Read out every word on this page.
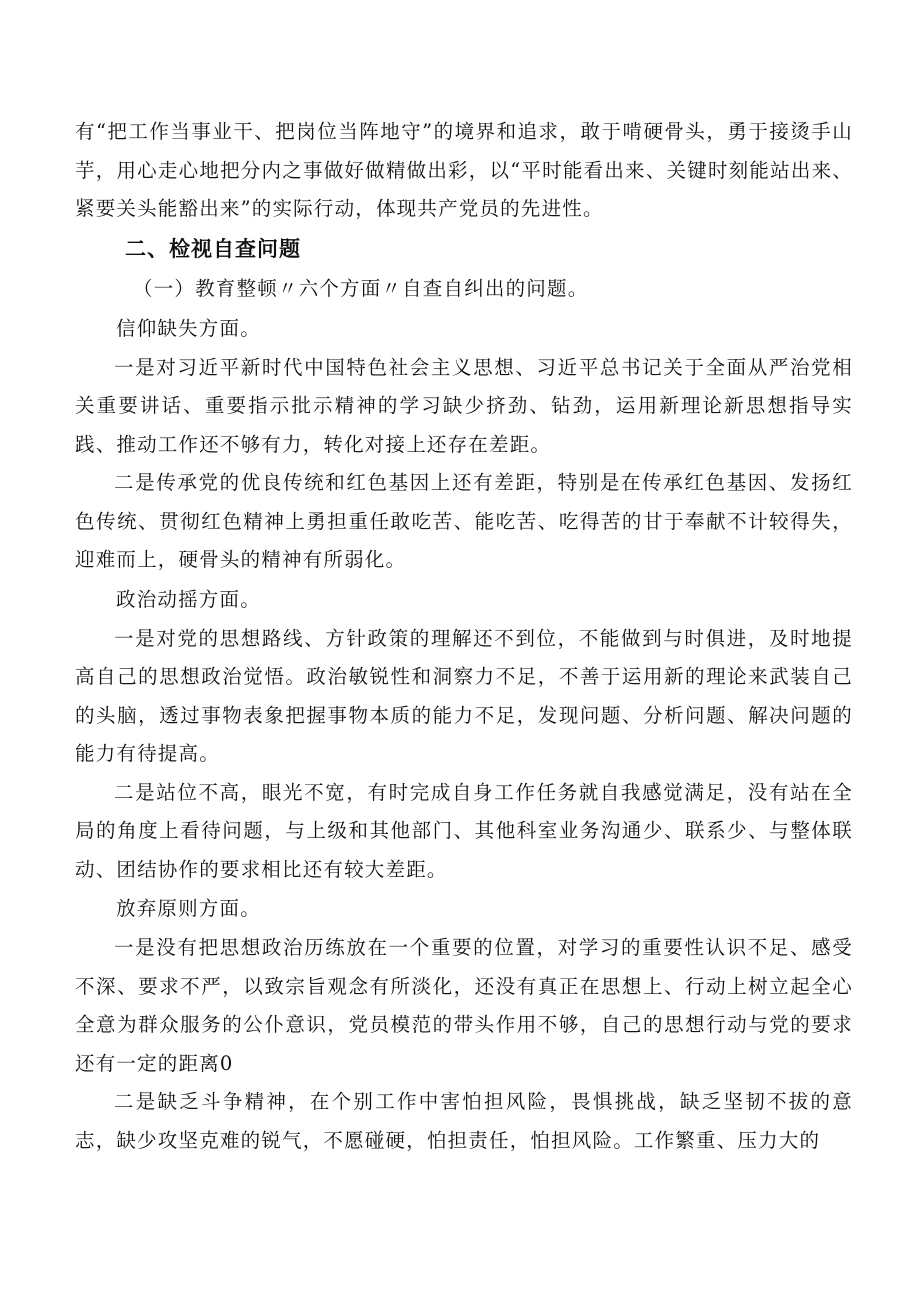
有“把工作当事业干、把岗位当阵地守”的境界和追求，敢于啃硬骨头，勇于接烫手山芋，用心走心地把分内之事做好做精做出彩，以“平时能看出来、关键时刻能站出来、紧要关头能豁出来”的实际行动，体现共产党员的先进性。

二、检视自查问题

（一）教育整顿〃六个方面〃自查自纠出的问题。

信仰缺失方面。

一是对习近平新时代中国特色社会主义思想、习近平总书记关于全面从严治党相关重要讲话、重要指示批示精神的学习缺少挤劲、钻劲，运用新理论新思想指导实践、推动工作还不够有力，转化对接上还存在差距。

二是传承党的优良传统和红色基因上还有差距，特别是在传承红色基因、发扬红色传统、贯彻红色精神上勇担重任敢吃苦、能吃苦、吃得苦的甘于奉献不计较得失，迎难而上，硬骨头的精神有所弱化。

政治动摇方面。

一是对党的思想路线、方针政策的理解还不到位，不能做到与时俱进，及时地提高自己的思想政治觉悟。政治敏锐性和洞察力不足，不善于运用新的理论来武装自己的头脑，透过事物表象把握事物本质的能力不足，发现问题、分析问题、解决问题的能力有待提高。

二是站位不高，眼光不宽，有时完成自身工作任务就自我感觉满足，没有站在全局的角度上看待问题，与上级和其他部门、其他科室业务沟通少、联系少、与整体联动、团结协作的要求相比还有较大差距。

放弃原则方面。

一是没有把思想政治历练放在一个重要的位置，对学习的重要性认识不足、感受不深、要求不严，以致宗旨观念有所淡化，还没有真正在思想上、行动上树立起全心全意为群众服务的公仆意识，党员模范的带头作用不够，自己的思想行动与党的要求还有一定的距离0

二是缺乏斗争精神，在个别工作中害怕担风险，畏惧挑战，缺乏坚韧不拔的意志，缺少攻坚克难的锐气，不愿碰硬，怕担责任，怕担风险。工作繁重、压力大的
